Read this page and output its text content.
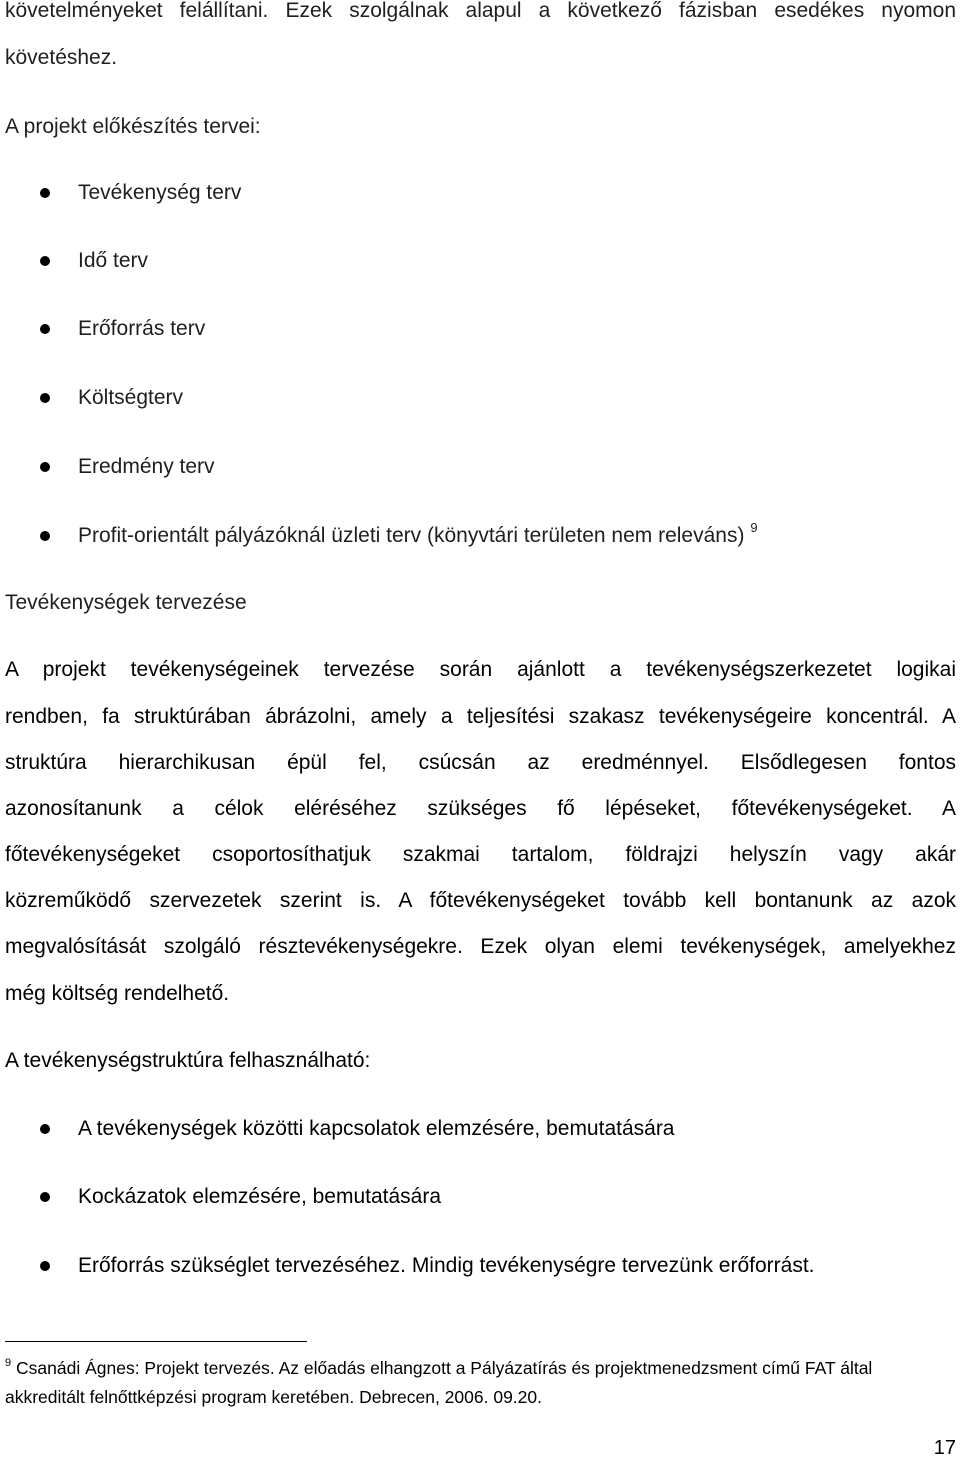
követelményeket felállítani. Ezek szolgálnak alapul a következő fázisban esedékes nyomon
követéshez.
A projekt előkészítés tervei:
Tevékenység terv
Idő terv
Erőforrás terv
Költségterv
Eredmény terv
Profit-orientált pályázóknál üzleti terv (könyvtári területen nem releváns) $^9$
Tevékenységek tervezése
A projekt tevékenységeinek tervezése során ajánlott a tevékenységszerkezetet logikai
rendben, fa struktúrában ábrázolni, amely a teljesítési szakasz tevékenységeire koncentrál. A
struktúra hierarchikusan épül fel, csúcsán az eredménnyel. Elsődlegesen fontos
azonosítanunk a célok eléréséhez szükséges fő lépéseket, főtevékenységeket. A
főtevékenységeket csoportosíthatjuk szakmai tartalom, földrajzi helyszín vagy akár
közreműködő szervezetek szerint is. A főtevékenységeket tovább kell bontanunk az azok
megvalósítását szolgáló résztevékenységekre. Ezek olyan elemi tevékenységek, amelyekhez
még költség rendelhető.
A tevékenységstruktúra felhasználható:
A tevékenységek közötti kapcsolatok elemzésére, bemutatására
Kockázatok elemzésére, bemutatására
Erőforrás szükséglet tervezéséhez. Mindig tevékenységre tervezünk erőforrást.
$^9$ Csanádi Ágnes: Projekt tervezés. Az előadás elhangzott a Pályázatírás és projektmenedzsment című FAT által
akkreditált felnőttképzési program keretében. Debrecen, 2006. 09.20.
17
